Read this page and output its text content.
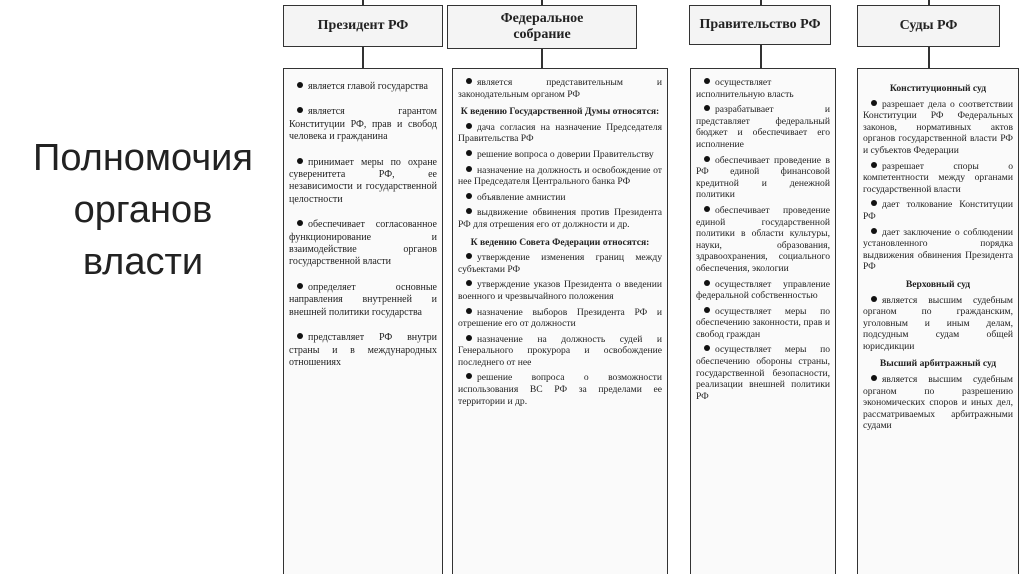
Полномочия органов власти
Президент РФ

является главой государства

является гарантом Конституции РФ, прав и свобод человека и гражданина

принимает меры по охране суверенитета РФ, ее независимости и государственной целостности

обеспечивает согласованное функционирование и взаимодействие органов государственной власти

определяет основные направления внутренней и внешней политики государства

представляет РФ внутри страны и в международных отношениях

Федеральное собрание

является представительным и законодательным органом РФ

К ведению Государственной Думы относятся:

дача согласия на назначение Председателя Правительства РФ

решение вопроса о доверии Правительству

назначение на должность и освобождение от нее Председателя Центрального банка РФ

объявление амнистии

выдвижение обвинения против Президента РФ для отрешения его от должности и др.

К ведению Совета Федерации относятся:

утверждение изменения границ между субъектами РФ

утверждение указов Президента о введении военного и чрезвычайного положения

назначение выборов Президента РФ и отрешение его от должности

назначение на должность судей и Генерального прокурора и освобождение последнего от нее

решение вопроса о возможности использования ВС РФ за пределами ее территории и др.

Правительство РФ

осуществляет исполнительную власть

разрабатывает и представляет федеральный бюджет и обеспечивает его исполнение

обеспечивает проведение в РФ единой финансовой кредитной и денежной политики

обеспечивает проведение единой государственной политики в области культуры, науки, образования, здравоохранения, социального обеспечения, экологии

осуществляет управление федеральной собственностью

осуществляет меры по обеспечению законности, прав и свобод граждан

осуществляет меры по обеспечению обороны страны, государственной безопасности, реализации внешней политики РФ

Суды РФ
Конституционный суд

разрешает дела о соответствии Конституции РФ Федеральных законов, нормативных актов органов государственной власти РФ и субъектов Федерации

разрешает споры о компетентности между органами государственной власти

дает толкование Конституции РФ

дает заключение о соблюдении установленного порядка выдвижения обвинения Президента РФ

Верховный суд

является высшим судебным органом по гражданским, уголовным и иным делам, подсудным судам общей юрисдикции

Высший арбитражный суд

является высшим судебным органом по разрешению экономических споров и иных дел, рассматриваемых арбитражными судами
